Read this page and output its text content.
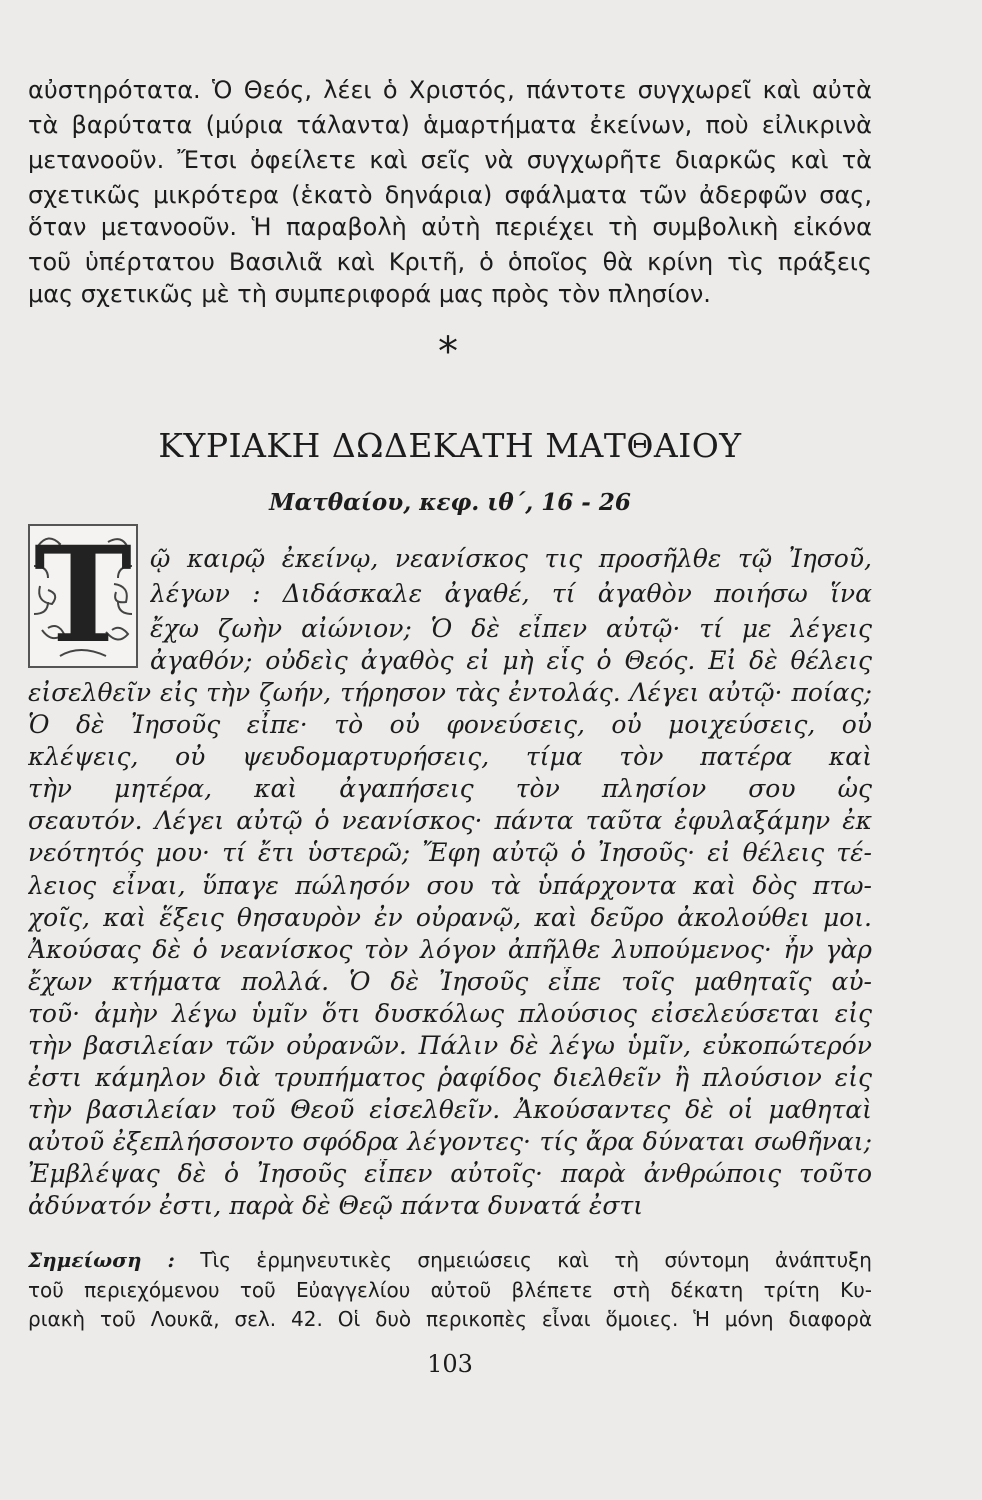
αὐστηρότατα. Ὁ Θεός, λέει ὁ Χριστός, πάντοτε συγχωρεῖ καὶ αὐτὰ
τὰ βαρύτατα (μύρια τάλαντα) ἁμαρτήματα ἐκείνων, ποὺ εἰλικρινὰ
μετανοοῦν. Ἔτσι ὀφείλετε καὶ σεῖς νὰ συγχωρῆτε διαρκῶς καὶ τὰ
σχετικῶς μικρότερα (ἑκατὸ δηνάρια) σφάλματα τῶν ἀδερφῶν σας,
ὅταν μετανοοῦν. Ἡ παραβολὴ αὐτὴ περιέχει τὴ συμβολικὴ εἰκόνα
τοῦ ὑπέρτατου Βασιλιᾶ καὶ Κριτῆ, ὁ ὁποῖος θὰ κρίνη τὶς πράξεις
μας σχετικῶς μὲ τὴ συμπεριφορά μας πρὸς τὸν πλησίον.
*
ΚΥΡΙΑΚΗ ΔΩΔΕΚΑΤΗ ΜΑΤΘΑΙΟΥ
Ματθαίου, κεφ. ιθ΄, 16 - 26
Τ ῷ καιρῷ ἐκείνῳ, νεανίσκος τις προσῆλθε τῷ Ἰησοῦ,
λέγων : Διδάσκαλε ἀγαθέ, τί ἀγαθὸν ποιήσω ἵνα
ἔχω ζωὴν αἰώνιον; Ὁ δὲ εἶπεν αὐτῷ· τί με λέγεις
ἀγαθόν; οὐδεὶς ἀγαθὸς εἰ μὴ εἷς ὁ Θεός. Εἰ δὲ θέλεις
εἰσελθεῖν εἰς τὴν ζωήν, τήρησον τὰς ἐντολάς. Λέγει αὐτῷ· ποίας;
Ὁ δὲ Ἰησοῦς εἶπε· τὸ οὐ φονεύσεις, οὐ μοιχεύσεις, οὐ
κλέψεις, οὐ ψευδομαρτυρήσεις, τίμα τὸν πατέρα καὶ
τὴν μητέρα, καὶ ἀγαπήσεις τὸν πλησίον σου ὡς
σεαυτόν. Λέγει αὐτῷ ὁ νεανίσκος· πάντα ταῦτα ἐφυλαξάμην ἐκ
νεότητός μου· τί ἔτι ὑστερῶ; Ἔφη αὐτῷ ὁ Ἰησοῦς· εἰ θέλεις τέ-
λειος εἶναι, ὕπαγε πώλησόν σου τὰ ὑπάρχοντα καὶ δὸς πτω-
χοῖς, καὶ ἕξεις θησαυρὸν ἐν οὐρανῷ, καὶ δεῦρο ἀκολούθει μοι.
Ἀκούσας δὲ ὁ νεανίσκος τὸν λόγον ἀπῆλθε λυπούμενος· ἦν γὰρ
ἔχων κτήματα πολλά. Ὁ δὲ Ἰησοῦς εἶπε τοῖς μαθηταῖς αὐ-
τοῦ· ἀμὴν λέγω ὑμῖν ὅτι δυσκόλως πλούσιος εἰσελεύσεται εἰς
τὴν βασιλείαν τῶν οὐρανῶν. Πάλιν δὲ λέγω ὑμῖν, εὐκοπώτερόν
ἐστι κάμηλον διὰ τρυπήματος ῥαφίδος διελθεῖν ἢ πλούσιον εἰς
τὴν βασιλείαν τοῦ Θεοῦ εἰσελθεῖν. Ἀκούσαντες δὲ οἱ μαθηταὶ
αὐτοῦ ἐξεπλήσσοντο σφόδρα λέγοντες· τίς ἄρα δύναται σωθῆναι;
Ἐμβλέψας δὲ ὁ Ἰησοῦς εἶπεν αὐτοῖς· παρὰ ἀνθρώποις τοῦτο
ἀδύνατόν ἐστι, παρὰ δὲ Θεῷ πάντα δυνατά ἐστι
Σημείωση : Τὶς ἑρμηνευτικὲς σημειώσεις καὶ τὴ σύντομη ἀνάπτυξη
τοῦ περιεχόμενου τοῦ Εὐαγγελίου αὐτοῦ βλέπετε στὴ δέκατη τρίτη Κυ-
ριακὴ τοῦ Λουκᾶ, σελ. 42. Οἱ δυὸ περικοπὲς εἶναι ὅμοιες. Ἡ μόνη διαφορὰ
103
